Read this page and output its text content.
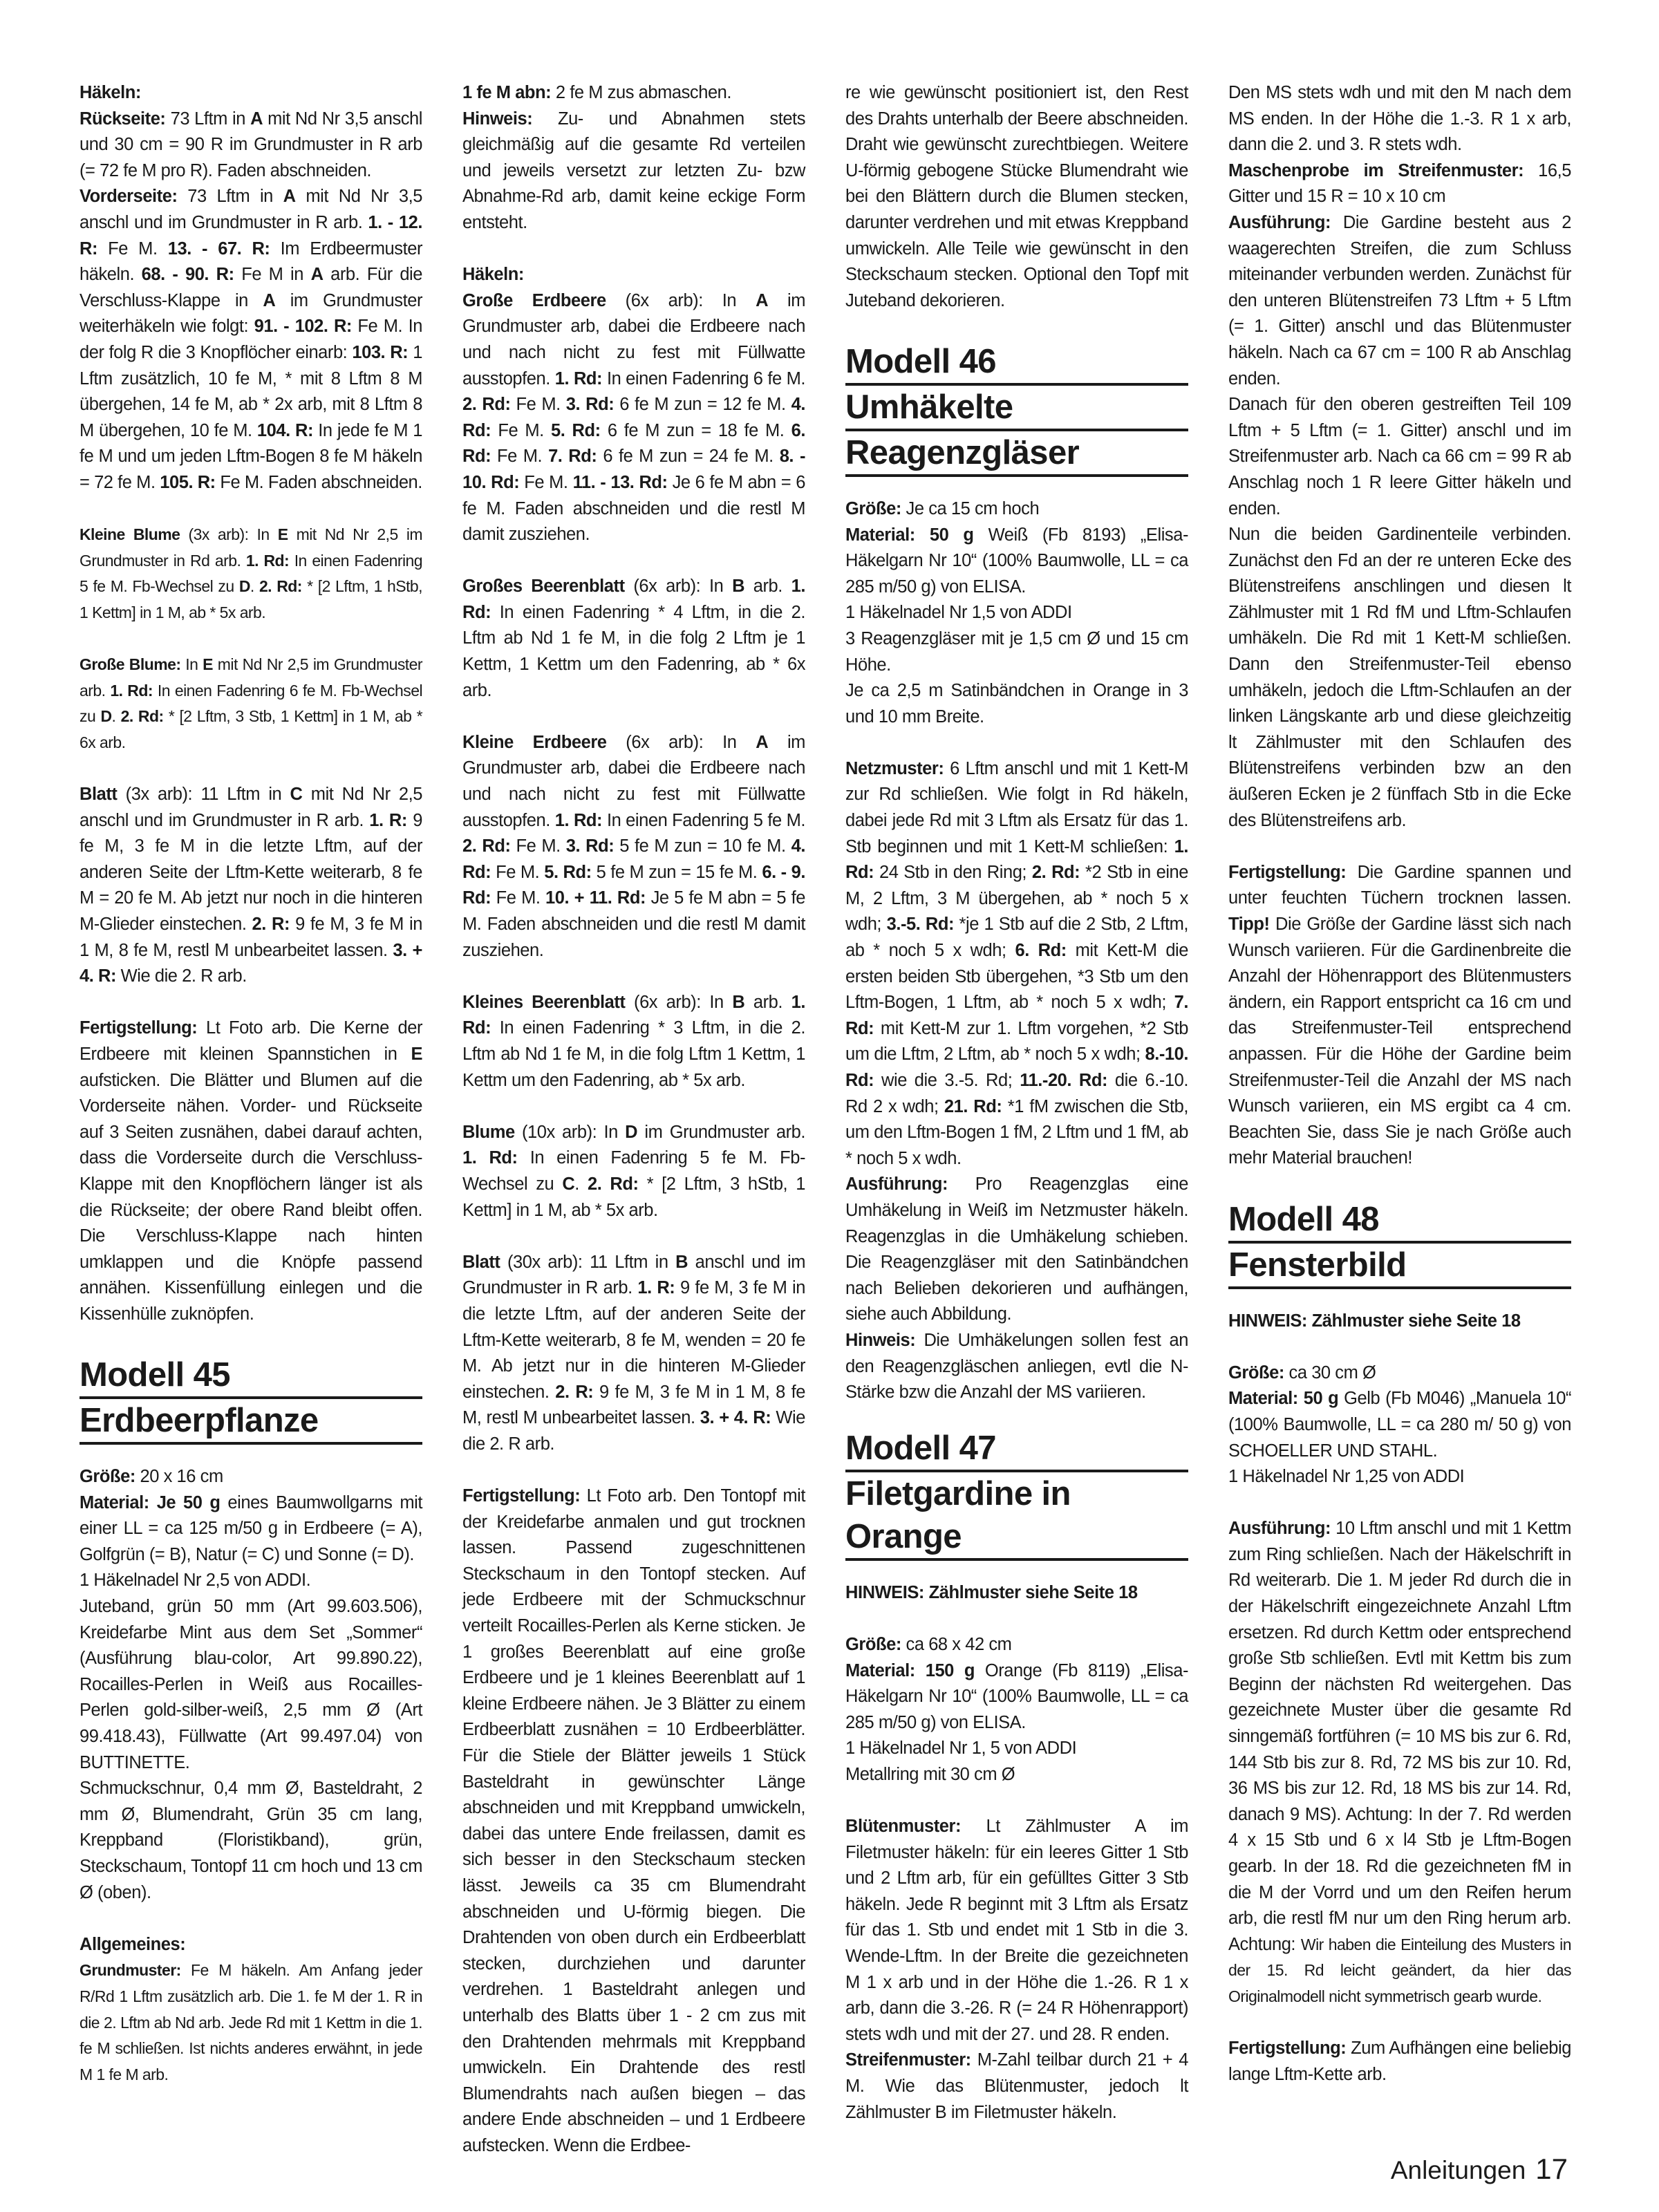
Häkeln:
Rückseite: 73 Lftm in A mit Nd Nr 3,5 anschl und 30 cm = 90 R im Grundmuster in R arb (= 72 fe M pro R). Faden abschneiden.

Vorderseite: 73 Lftm in A mit Nd Nr 3,5 anschl und im Grundmuster in R arb. 1. - 12. R: Fe M. 13. - 67. R: Im Erdbeermuster häkeln. 68. - 90. R: Fe M in A arb. Für die Verschluss-Klappe in A im Grundmuster weiterhäkeln wie folgt: 91. - 102. R: Fe M. In der folg R die 3 Knopflöcher einarb: 103. R: 1 Lftm zusätzlich, 10 fe M, * mit 8 Lftm 8 M übergehen, 14 fe M, ab * 2x arb, mit 8 Lftm 8 M übergehen, 10 fe M. 104. R: In jede fe M 1 fe M und um jeden Lftm-Bogen 8 fe M häkeln = 72 fe M. 105. R: Fe M. Faden abschneiden.

Kleine Blume (3x arb): In E mit Nd Nr 2,5 im Grundmuster in Rd arb. 1. Rd: In einen Fadenring 5 fe M. Fb-Wechsel zu D. 2. Rd: * [2 Lftm, 1 hStb, 1 Kettm] in 1 M, ab * 5x arb.

Große Blume: In E mit Nd Nr 2,5 im Grundmuster arb. 1. Rd: In einen Fadenring 6 fe M. Fb-Wechsel zu D. 2. Rd: * [2 Lftm, 3 Stb, 1 Kettm] in 1 M, ab * 6x arb.

Blatt (3x arb): 11 Lftm in C mit Nd Nr 2,5 anschl und im Grundmuster in R arb. 1. R: 9 fe M, 3 fe M in die letzte Lftm, auf der anderen Seite der Lftm-Kette weiterarb, 8 fe M = 20 fe M. Ab jetzt nur noch in die hinteren M-Glieder einstechen. 2. R: 9 fe M, 3 fe M in 1 M, 8 fe M, restl M unbearbeitet lassen. 3. + 4. R: Wie die 2. R arb.

Fertigstellung: Lt Foto arb. Die Kerne der Erdbeere mit kleinen Spannstichen in E aufsticken. Die Blätter und Blumen auf die Vorderseite nähen. Vorder- und Rückseite auf 3 Seiten zusnähen, dabei darauf achten, dass die Vorderseite durch die Verschluss-Klappe mit den Knopflöchern länger ist als die Rückseite; der obere Rand bleibt offen. Die Verschluss-Klappe nach hinten umklappen und die Knöpfe passend annähen. Kissenfüllung einlegen und die Kissenhülle zuknöpfen.

Modell 45
Erdbeerpflanze

Größe: 20 x 16 cm
Material: Je 50 g eines Baumwollgarns mit einer LL = ca 125 m/50 g in Erdbeere (= A), Golfgrün (= B), Natur (= C) und Sonne (= D).
1 Häkelnadel Nr 2,5 von ADDI.
Juteband, grün 50 mm (Art 99.603.506), Kreidefarbe Mint aus dem Set „Sommer“ (Ausführung blau-color, Art 99.890.22), Rocailles-Perlen in Weiß aus Rocailles-Perlen gold-silber-weiß, 2,5 mm Ø (Art 99.418.43), Füllwatte (Art 99.497.04) von BUTTINETTE.
Schmuckschnur, 0,4 mm Ø, Basteldraht, 2 mm Ø, Blumendraht, Grün 35 cm lang, Kreppband (Floristikband), grün, Steckschaum, Tontopf 11 cm hoch und 13 cm Ø (oben).

Allgemeines:
Grundmuster: Fe M häkeln. Am Anfang jeder R/Rd 1 Lftm zusätzlich arb. Die 1. fe M der 1. R in die 2. Lftm ab Nd arb. Jede Rd mit 1 Kettm in die 1. fe M schließen. Ist nichts anderes erwähnt, in jede M 1 fe M arb.

1 fe M abn: 2 fe M zus abmaschen.
Hinweis: Zu- und Abnahmen stets gleichmäßig auf die gesamte Rd verteilen und jeweils versetzt zur letzten Zu- bzw Abnahme-Rd arb, damit keine eckige Form entsteht.

Häkeln:
Große Erdbeere (6x arb): In A im Grundmuster arb, dabei die Erdbeere nach und nach nicht zu fest mit Füllwatte ausstopfen. 1. Rd: In einen Fadenring 6 fe M. 2. Rd: Fe M. 3. Rd: 6 fe M zun = 12 fe M. 4. Rd: Fe M. 5. Rd: 6 fe M zun = 18 fe M. 6. Rd: Fe M. 7. Rd: 6 fe M zun = 24 fe M. 8. - 10. Rd: Fe M. 11. - 13. Rd: Je 6 fe M abn = 6 fe M. Faden abschneiden und die restl M damit zusziehen.

Großes Beerenblatt (6x arb): In B arb. 1. Rd: In einen Fadenring * 4 Lftm, in die 2. Lftm ab Nd 1 fe M, in die folg 2 Lftm je 1 Kettm, 1 Kettm um den Fadenring, ab * 6x arb.

Kleine Erdbeere (6x arb): In A im Grundmuster arb, dabei die Erdbeere nach und nach nicht zu fest mit Füllwatte ausstopfen. 1. Rd: In einen Fadenring 5 fe M. 2. Rd: Fe M. 3. Rd: 5 fe M zun = 10 fe M. 4. Rd: Fe M. 5. Rd: 5 fe M zun = 15 fe M. 6. - 9. Rd: Fe M. 10. + 11. Rd: Je 5 fe M abn = 5 fe M. Faden abschneiden und die restl M damit zusziehen.

Kleines Beerenblatt (6x arb): In B arb. 1. Rd: In einen Fadenring * 3 Lftm, in die 2. Lftm ab Nd 1 fe M, in die folg Lftm 1 Kettm, 1 Kettm um den Fadenring, ab * 5x arb.

Blume (10x arb): In D im Grundmuster arb. 1. Rd: In einen Fadenring 5 fe M. Fb-Wechsel zu C. 2. Rd: * [2 Lftm, 3 hStb, 1 Kettm] in 1 M, ab * 5x arb.

Blatt (30x arb): 11 Lftm in B anschl und im Grundmuster in R arb. 1. R: 9 fe M, 3 fe M in die letzte Lftm, auf der anderen Seite der Lftm-Kette weiterarb, 8 fe M, wenden = 20 fe M. Ab jetzt nur in die hinteren M-Glieder einstechen. 2. R: 9 fe M, 3 fe M in 1 M, 8 fe M, restl M unbearbeitet lassen. 3. + 4. R: Wie die 2. R arb.

Fertigstellung: Lt Foto arb. Den Tontopf mit der Kreidefarbe anmalen und gut trocknen lassen. Passend zugeschnittenen Steckschaum in den Tontopf stecken. Auf jede Erdbeere mit der Schmuckschnur verteilt Rocailles-Perlen als Kerne sticken. Je 1 großes Beerenblatt auf eine große Erdbeere und je 1 kleines Beerenblatt auf 1 kleine Erdbeere nähen. Je 3 Blätter zu einem Erdbeerblatt zusnähen = 10 Erdbeerblätter. Für die Stiele der Blätter jeweils 1 Stück Basteldraht in gewünschter Länge abschneiden und mit Kreppband umwickeln, dabei das untere Ende freilassen, damit es sich besser in den Steckschaum stecken lässt. Jeweils ca 35 cm Blumendraht abschneiden und U-förmig biegen. Die Drahtenden von oben durch ein Erdbeerblatt stecken, durchziehen und darunter verdrehen. 1 Basteldraht anlegen und unterhalb des Blatts über 1 - 2 cm zus mit den Drahtenden mehrmals mit Kreppband umwickeln. Ein Drahtende des restl Blumendrahts nach außen biegen – das andere Ende abschneiden – und 1 Erdbeere aufstecken. Wenn die Erdbee-

re wie gewünscht positioniert ist, den Rest des Drahts unterhalb der Beere abschneiden. Draht wie gewünscht zurechtbiegen. Weitere U-förmig gebogene Stücke Blumendraht wie bei den Blättern durch die Blumen stecken, darunter verdrehen und mit etwas Kreppband umwickeln. Alle Teile wie gewünscht in den Steckschaum stecken. Optional den Topf mit Juteband dekorieren.

Modell 46
Umhäkelte
Reagenzgläser

Größe: Je ca 15 cm hoch
Material: 50 g Weiß (Fb 8193) „Elisa-Häkelgarn Nr 10“ (100% Baumwolle, LL = ca 285 m/50 g) von ELISA.
1 Häkelnadel Nr 1,5 von ADDI
3 Reagenzgläser mit je 1,5 cm Ø und 15 cm Höhe.
Je ca 2,5 m Satinbändchen in Orange in 3 und 10 mm Breite.

Netzmuster: 6 Lftm anschl und mit 1 Kett-M zur Rd schließen. Wie folgt in Rd häkeln, dabei jede Rd mit 3 Lftm als Ersatz für das 1. Stb beginnen und mit 1 Kett-M schließen: 1. Rd: 24 Stb in den Ring; 2. Rd: *2 Stb in eine M, 2 Lftm, 3 M übergehen, ab * noch 5 x wdh; 3.-5. Rd: *je 1 Stb auf die 2 Stb, 2 Lftm, ab * noch 5 x wdh; 6. Rd: mit Kett-M die ersten beiden Stb übergehen, *3 Stb um den Lftm-Bogen, 1 Lftm, ab * noch 5 x wdh; 7. Rd: mit Kett-M zur 1. Lftm vorgehen, *2 Stb um die Lftm, 2 Lftm, ab * noch 5 x wdh; 8.-10. Rd: wie die 3.-5. Rd; 11.-20. Rd: die 6.-10. Rd 2 x wdh; 21. Rd: *1 fM zwischen die Stb, um den Lftm-Bogen 1 fM, 2 Lftm und 1 fM, ab * noch 5 x wdh.
Ausführung: Pro Reagenzglas eine Umhäkelung in Weiß im Netzmuster häkeln. Reagenzglas in die Umhäkelung schieben. Die Reagenzgläser mit den Satinbändchen nach Belieben dekorieren und aufhängen, siehe auch Abbildung.
Hinweis: Die Umhäkelungen sollen fest an den Reagenzgläschen anliegen, evtl die N-Stärke bzw die Anzahl der MS variieren.

Modell 47
Filetgardine in Orange
HINWEIS: Zählmuster siehe Seite 18

Größe: ca 68 x 42 cm
Material: 150 g Orange (Fb 8119) „Elisa-Häkelgarn Nr 10“ (100% Baumwolle, LL = ca 285 m/50 g) von ELISA.
1 Häkelnadel Nr 1, 5 von ADDI
Metallring mit 30 cm Ø

Blütenmuster: Lt Zählmuster A im Filetmuster häkeln: für ein leeres Gitter 1 Stb und 2 Lftm arb, für ein gefülltes Gitter 3 Stb häkeln. Jede R beginnt mit 3 Lftm als Ersatz für das 1. Stb und endet mit 1 Stb in die 3. Wende-Lftm. In der Breite die gezeichneten M 1 x arb und in der Höhe die 1.-26. R 1 x arb, dann die 3.-26. R (= 24 R Höhenrapport) stets wdh und mit der 27. und 28. R enden.
Streifenmuster: M-Zahl teilbar durch 21 + 4 M. Wie das Blütenmuster, jedoch lt Zählmuster B im Filetmuster häkeln.

Den MS stets wdh und mit den M nach dem MS enden. In der Höhe die 1.-3. R 1 x arb, dann die 2. und 3. R stets wdh.
Maschenprobe im Streifenmuster: 16,5 Gitter und 15 R = 10 x 10 cm
Ausführung: Die Gardine besteht aus 2 waagerechten Streifen, die zum Schluss miteinander verbunden werden. Zunächst für den unteren Blütenstreifen 73 Lftm + 5 Lftm (= 1. Gitter) anschl und das Blütenmuster häkeln. Nach ca 67 cm = 100 R ab Anschlag enden.
Danach für den oberen gestreiften Teil 109 Lftm + 5 Lftm (= 1. Gitter) anschl und im Streifenmuster arb. Nach ca 66 cm = 99 R ab Anschlag noch 1 R leere Gitter häkeln und enden.
Nun die beiden Gardinenteile verbinden. Zunächst den Fd an der re unteren Ecke des Blütenstreifens anschlingen und diesen lt Zählmuster mit 1 Rd fM und Lftm-Schlaufen umhäkeln. Die Rd mit 1 Kett-M schließen. Dann den Streifenmuster-Teil ebenso umhäkeln, jedoch die Lftm-Schlaufen an der linken Längskante arb und diese gleichzeitig lt Zählmuster mit den Schlaufen des Blütenstreifens verbinden bzw an den äußeren Ecken je 2 fünffach Stb in die Ecke des Blütenstreifens arb.

Fertigstellung: Die Gardine spannen und unter feuchten Tüchern trocknen lassen. Tipp! Die Größe der Gardine lässt sich nach Wunsch variieren. Für die Gardinenbreite die Anzahl der Höhenrapport des Blütenmusters ändern, ein Rapport entspricht ca 16 cm und das Streifenmuster-Teil entsprechend anpassen. Für die Höhe der Gardine beim Streifenmuster-Teil die Anzahl der MS nach Wunsch variieren, ein MS ergibt ca 4 cm. Beachten Sie, dass Sie je nach Größe auch mehr Material brauchen!

Modell 48
Fensterbild
HINWEIS: Zählmuster siehe Seite 18

Größe: ca 30 cm Ø
Material: 50 g Gelb (Fb M046) „Manuela 10“ (100% Baumwolle, LL = ca 280 m/ 50 g) von SCHOELLER UND STAHL.
1 Häkelnadel Nr 1,25 von ADDI

Ausführung: 10 Lftm anschl und mit 1 Kettm zum Ring schließen. Nach der Häkelschrift in Rd weiterarb. Die 1. M jeder Rd durch die in der Häkelschrift eingezeichnete Anzahl Lftm ersetzen. Rd durch Kettm oder entsprechend große Stb schließen. Evtl mit Kettm bis zum Beginn der nächsten Rd weitergehen. Das gezeichnete Muster über die gesamte Rd sinngemäß fortführen (= 10 MS bis zur 6. Rd, 144 Stb bis zur 8. Rd, 72 MS bis zur 10. Rd, 36 MS bis zur 12. Rd, 18 MS bis zur 14. Rd, danach 9 MS). Achtung: In der 7. Rd werden 4 x 15 Stb und 6 x l4 Stb je Lftm-Bogen gearb. In der 18. Rd die gezeichneten fM in die M der Vorrd und um den Reifen herum arb, die restl fM nur um den Ring herum arb. Achtung: Wir haben die Einteilung des Musters in der 15. Rd leicht geändert, da hier das Originalmodell nicht symmetrisch gearb wurde.

Fertigstellung: Zum Aufhängen eine beliebig lange Lftm-Kette arb.

Anleitungen 17
